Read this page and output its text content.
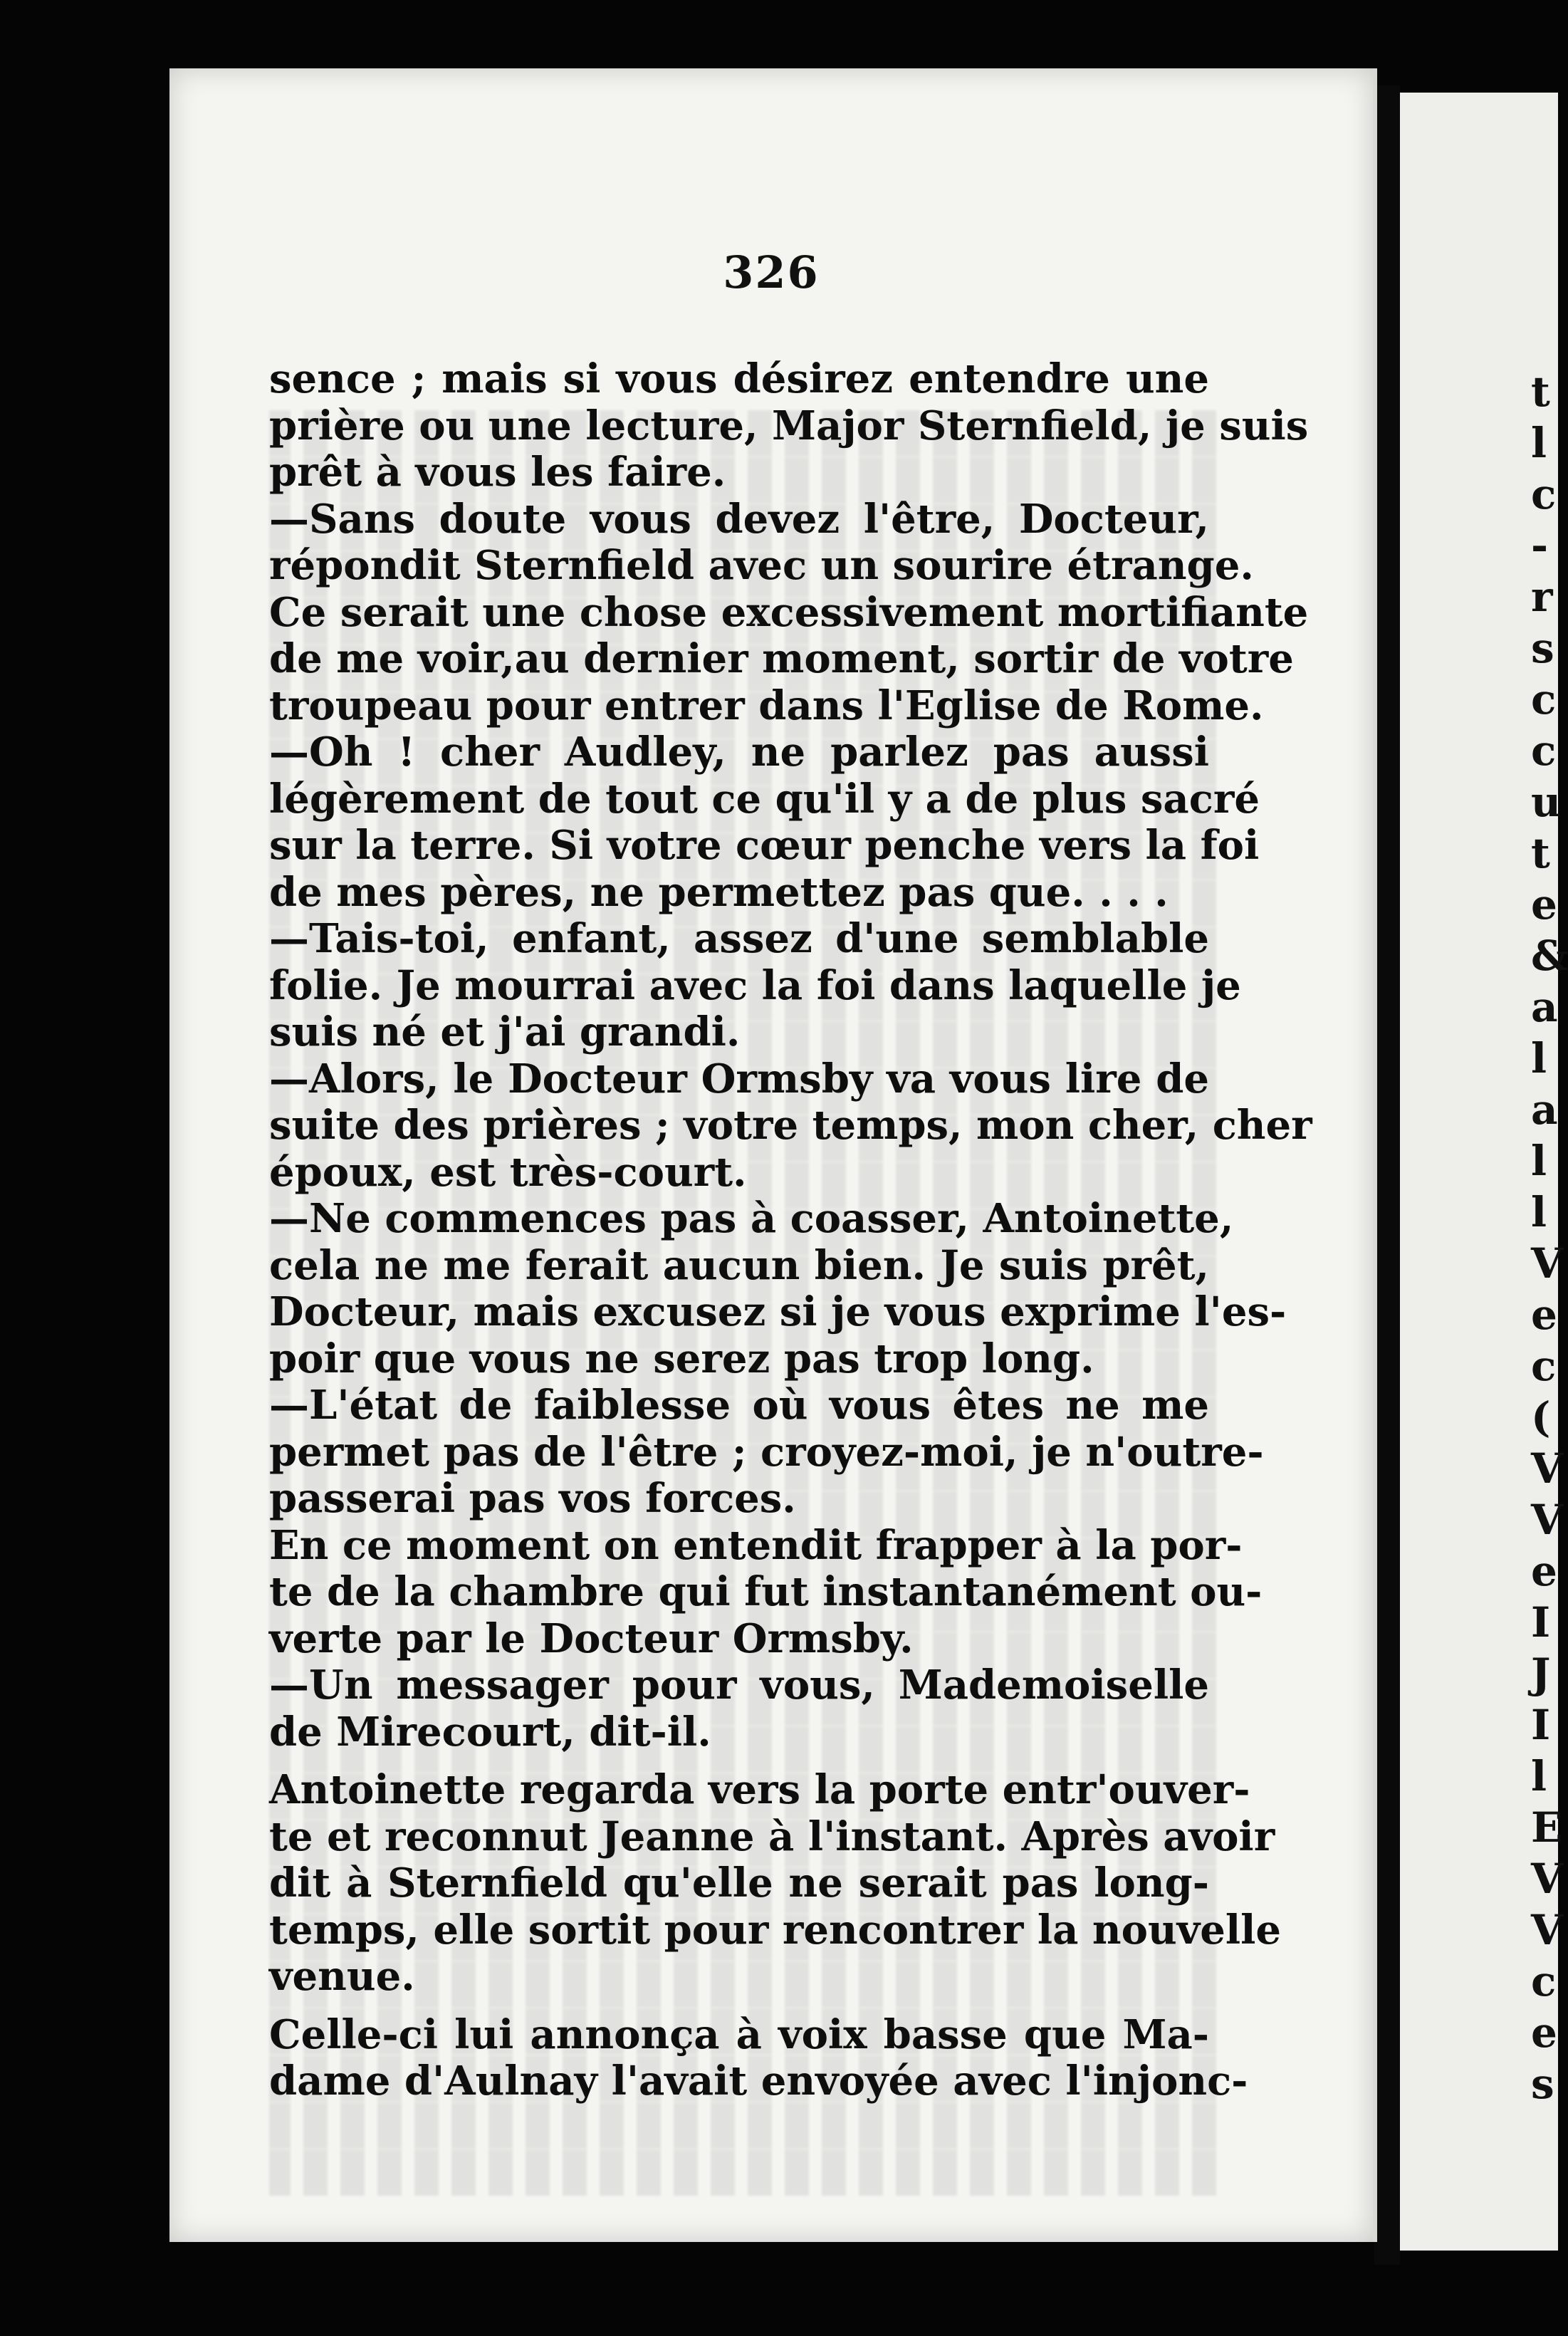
t
l
c
-
r
s
c
c
u
t
e
&
a
l
a
l
l
V
e
c
(
V
V
e
I
J
I
l
E
V
V
c
e
s
326
sence ; mais si vous désirez entendre une
prière ou une lecture, Major Sternfield, je suis
prêt à vous les faire.
—Sans doute vous devez l'être, Docteur,
répondit Sternfield avec un sourire étrange.
Ce serait une chose excessivement mortifiante
de me voir,au dernier moment, sortir de votre
troupeau pour entrer dans l'Eglise de Rome.
—Oh ! cher Audley, ne parlez pas aussi
légèrement de tout ce qu'il y a de plus sacré
sur la terre. Si votre cœur penche vers la foi
de mes pères, ne permettez pas que. . . .
—Tais-toi, enfant, assez d'une semblable
folie. Je mourrai avec la foi dans laquelle je
suis né et j'ai grandi.
—Alors, le Docteur Ormsby va vous lire de
suite des prières ; votre temps, mon cher, cher
époux, est très-court.
—Ne commences pas à coasser, Antoinette,
cela ne me ferait aucun bien. Je suis prêt,
Docteur, mais excusez si je vous exprime l'es-
poir que vous ne serez pas trop long.
—L'état de faiblesse où vous êtes ne me
permet pas de l'être ; croyez-moi, je n'outre-
passerai pas vos forces.
En ce moment on entendit frapper à la por-
te de la chambre qui fut instantanément ou-
verte par le Docteur Ormsby.
—Un messager pour vous, Mademoiselle
de Mirecourt, dit-il.
Antoinette regarda vers la porte entr'ouver-
te et reconnut Jeanne à l'instant. Après avoir
dit à Sternfield qu'elle ne serait pas long-
temps, elle sortit pour rencontrer la nouvelle
venue.
Celle-ci lui annonça à voix basse que Ma-
dame d'Aulnay l'avait envoyée avec l'injonc-
